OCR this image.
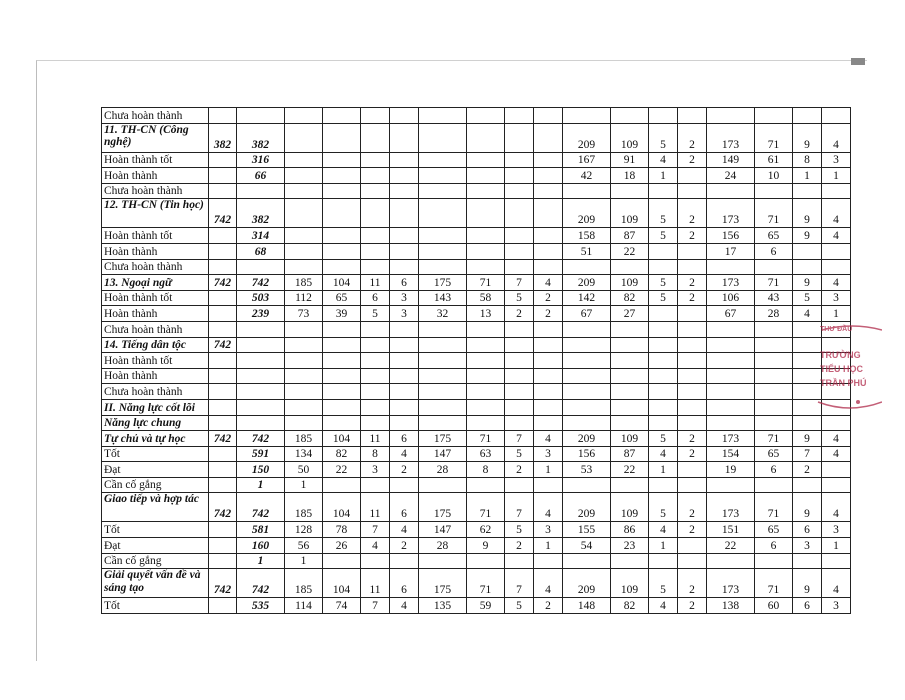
Chưa hoàn thành																		
11. TH-CN (Công nghệ)	382	382									209	109	5	2	173	71	9	4
Hoàn thành tốt		316									167	91	4	2	149	61	8	3
Hoàn thành		66									42	18	1		24	10	1	1
Chưa hoàn thành																		
12. TH-CN (Tin học)	742	382									209	109	5	2	173	71	9	4
Hoàn thành tốt		314									158	87	5	2	156	65	9	4
Hoàn thành		68									51	22			17	6		
Chưa hoàn thành																		
13. Ngoại ngữ	742	742	185	104	11	6	175	71	7	4	209	109	5	2	173	71	9	4
Hoàn thành tốt		503	112	65	6	3	143	58	5	2	142	82	5	2	106	43	5	3
Hoàn thành		239	73	39	5	3	32	13	2	2	67	27			67	28	4	1
Chưa hoàn thành																		
14. Tiếng dân tộc	742																	
Hoàn thành tốt																		
Hoàn thành																		
Chưa hoàn thành																		
II. Năng lực cốt lõi																		
Năng lực chung																		
Tự chủ và tự học	742	742	185	104	11	6	175	71	7	4	209	109	5	2	173	71	9	4
Tốt		591	134	82	8	4	147	63	5	3	156	87	4	2	154	65	7	4
Đạt		150	50	22	3	2	28	8	2	1	53	22	1		19	6	2	
Cần cố gắng		1	1															
Giao tiếp và hợp tác	742	742	185	104	11	6	175	71	7	4	209	109	5	2	173	71	9	4
Tốt		581	128	78	7	4	147	62	5	3	155	86	4	2	151	65	6	3
Đạt		160	56	26	4	2	28	9	2	1	54	23	1		22	6	3	1
Cần cố gắng		1	1															
Giải quyết vấn đề và sáng tạo	742	742	185	104	11	6	175	71	7	4	209	109	5	2	173	71	9	4
Tốt		535	114	74	7	4	135	59	5	2	148	82	4	2	138	60	6	3
THƯ ĐẦU
TRƯỜNG
TIỂU HỌC
TRẦN PHÚ
